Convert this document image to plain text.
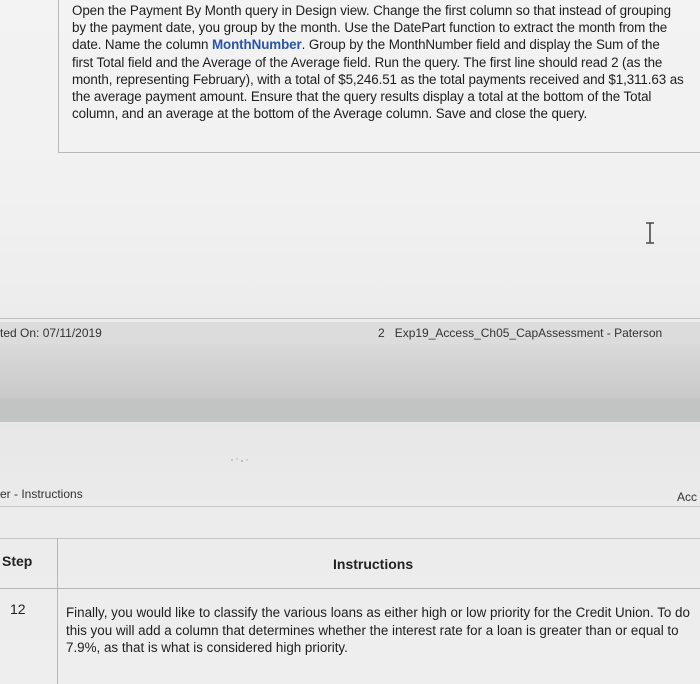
Open the Payment By Month query in Design view. Change the first column so that instead of grouping by the payment date, you group by the month. Use the DatePart function to extract the month from the date. Name the column MonthNumber. Group by the MonthNumber field and display the Sum of the first Total field and the Average of the Average field. Run the query. The first line should read 2 (as the month, representing February), with a total of $5,246.51 as the total payments received and $1,311.63 as the average payment amount. Ensure that the query results display a total at the bottom of the Total column, and an average at the bottom of the Average column. Save and close the query.
ted On: 07/11/2019	2 Exp19_Access_Ch05_CapAssessment - Paterson
er - Instructions	Acc
Step	Instructions
12	Finally, you would like to classify the various loans as either high or low priority for the Credit Union. To do this you will add a column that determines whether the interest rate for a loan is greater than or equal to 7.9%, as that is what is considered high priority.
